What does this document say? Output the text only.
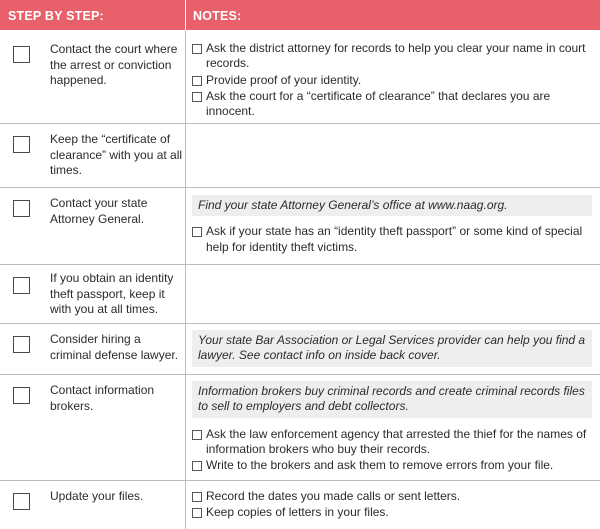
STEP BY STEP:	NOTES:
Contact the court where the arrest or conviction happened.
Ask the district attorney for records to help you clear your name in court records.
Provide proof of your identity.
Ask the court for a “certificate of clearance” that declares you are innocent.
Keep the “certificate of clearance” with you at all times.
Contact your state Attorney General.
Find your state Attorney General’s office at www.naag.org.
Ask if your state has an “identity theft passport” or some kind of special help for identity theft victims.
If you obtain an identity theft passport, keep it with you at all times.
Consider hiring a criminal defense lawyer.
Your state Bar Association or Legal Services provider can help you find a lawyer. See contact info on inside back cover.
Contact information brokers.
Information brokers buy criminal records and create criminal records files to sell to employers and debt collectors.
Ask the law enforcement agency that arrested the thief for the names of information brokers who buy their records.
Write to the brokers and ask them to remove errors from your file.
Update your files.	Record the dates you made calls or sent letters.
Keep copies of letters in your files.
